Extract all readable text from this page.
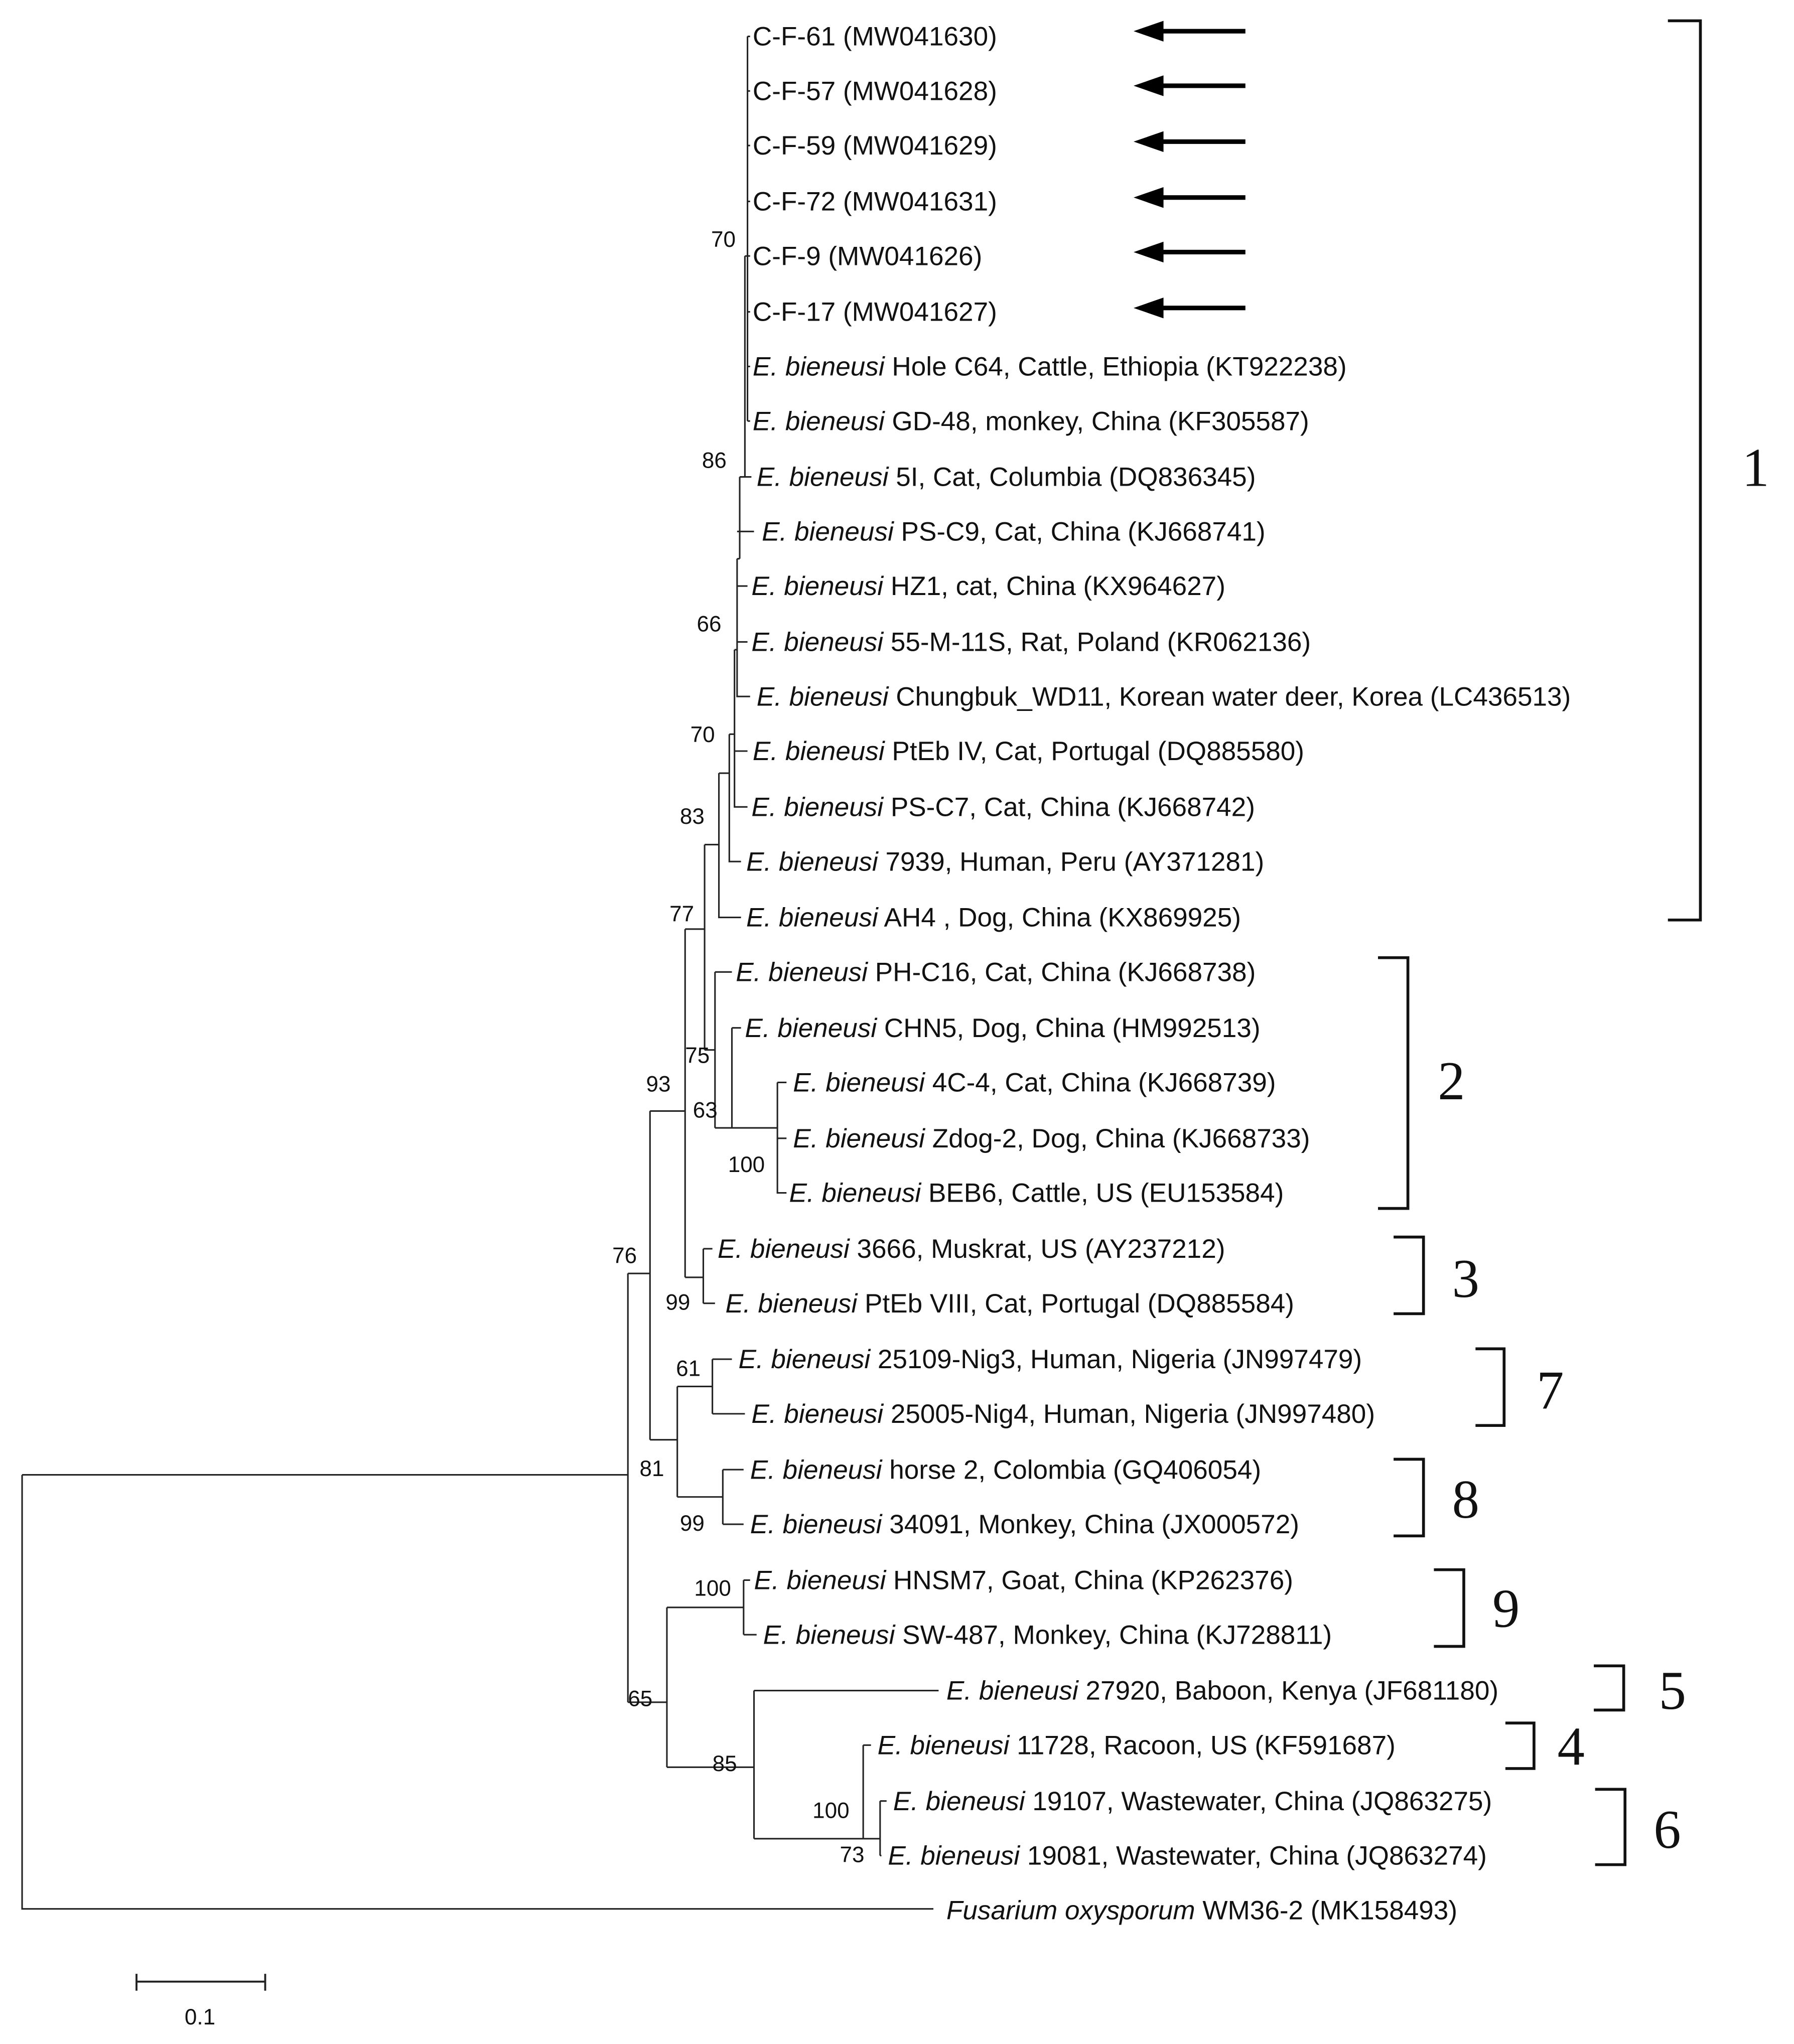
C-F-61 (MW041630)
C-F-57 (MW041628)
C-F-59 (MW041629)
C-F-72 (MW041631)
C-F-9 (MW041626)
C-F-17 (MW041627)
E. bieneusi Hole C64, Cattle, Ethiopia (KT922238)
E. bieneusi GD-48, monkey, China (KF305587)
E. bieneusi 5I, Cat, Columbia (DQ836345)
E. bieneusi PS-C9, Cat, China (KJ668741)
E. bieneusi HZ1, cat, China (KX964627)
E. bieneusi 55-M-11S, Rat, Poland (KR062136)
E. bieneusi Chungbuk_WD11, Korean water deer, Korea (LC436513)
E. bieneusi PtEb IV, Cat, Portugal (DQ885580)
E. bieneusi PS-C7, Cat, China (KJ668742)
E. bieneusi 7939, Human, Peru (AY371281)
E. bieneusi AH4 , Dog, China (KX869925)
E. bieneusi PH-C16, Cat, China (KJ668738)
E. bieneusi CHN5, Dog, China (HM992513)
E. bieneusi 4C-4, Cat, China (KJ668739)
E. bieneusi Zdog-2, Dog, China (KJ668733)
E. bieneusi BEB6, Cattle, US (EU153584)
E. bieneusi 3666, Muskrat, US (AY237212)
E. bieneusi PtEb VIII, Cat, Portugal (DQ885584)
E. bieneusi 25109-Nig3, Human, Nigeria (JN997479)
E. bieneusi 25005-Nig4, Human, Nigeria (JN997480)
E. bieneusi horse 2, Colombia (GQ406054)
E. bieneusi 34091, Monkey, China (JX000572)
E. bieneusi HNSM7, Goat, China (KP262376)
E. bieneusi SW-487, Monkey, China (KJ728811)
E. bieneusi 27920, Baboon, Kenya (JF681180)
E. bieneusi 11728, Racoon, US (KF591687)
E. bieneusi 19107, Wastewater, China (JQ863275)
E. bieneusi 19081, Wastewater, China (JQ863274)
Fusarium oxysporum WM36-2 (MK158493)
70
86
66
70
83
77
75
63
100
93
99
76
61
81
99
100
65
85
100
73
1
2
3
7
8
9
5
4
6
0.1
